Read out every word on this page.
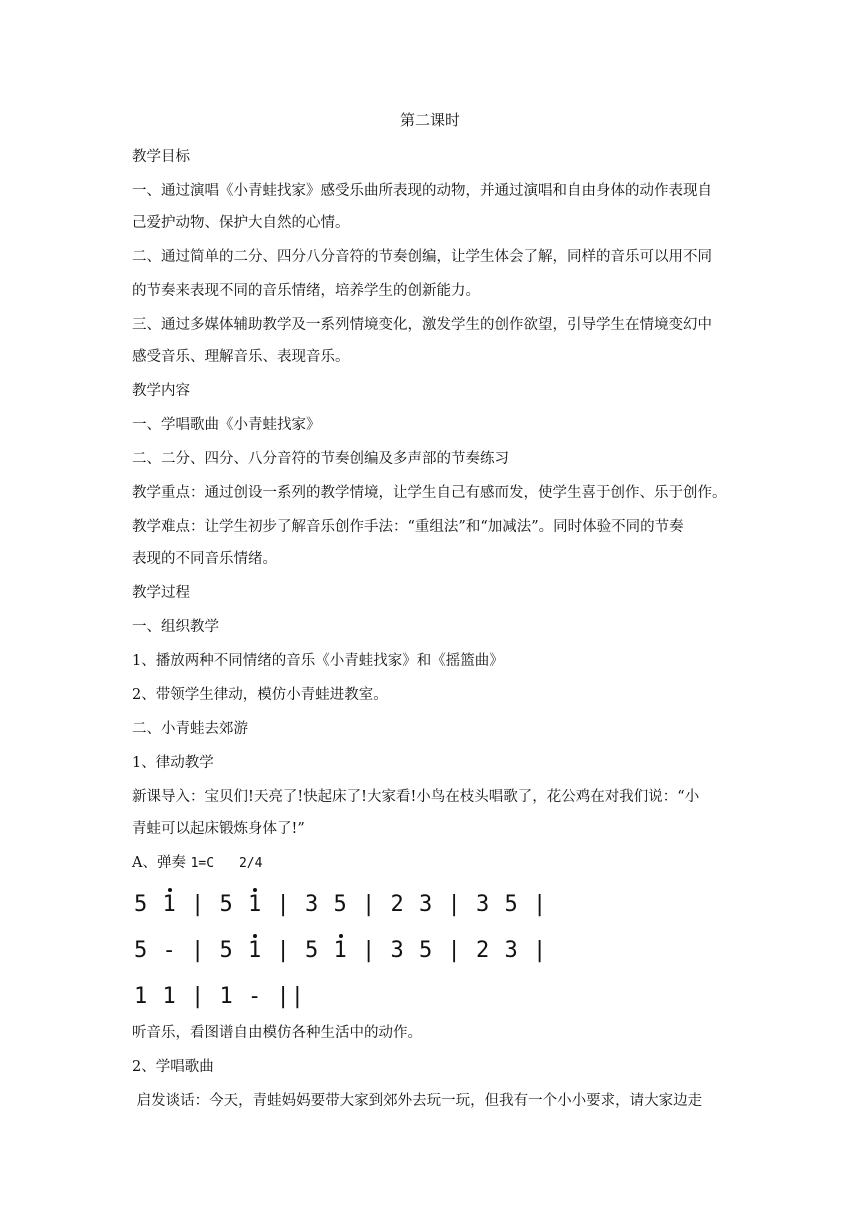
第二课时
教学目标
一、通过演唱《小青蛙找家》感受乐曲所表现的动物，并通过演唱和自由身体的动作表现自
己爱护动物、保护大自然的心情。
二、通过简单的二分、四分八分音符的节奏创编，让学生体会了解，同样的音乐可以用不同
的节奏来表现不同的音乐情绪，培养学生的创新能力。
三、通过多媒体辅助教学及一系列情境变化，激发学生的创作欲望，引导学生在情境变幻中
感受音乐、理解音乐、表现音乐。
教学内容
一、学唱歌曲《小青蛙找家》
二、二分、四分、八分音符的节奏创编及多声部的节奏练习
教学重点：通过创设一系列的教学情境，让学生自己有感而发，使学生喜于创作、乐于创作。
教学难点：让学生初步了解音乐创作手法：“重组法”和“加减法”。同时体验不同的节奏
表现的不同音乐情绪。
教学过程
一、组织教学
1、播放两种不同情绪的音乐《小青蛙找家》和《摇篮曲》
2、带领学生律动，模仿小青蛙进教室。
二、小青蛙去郊游
1、律动教学
新课导入：宝贝们!天亮了!快起床了!大家看!小鸟在枝头唱歌了，花公鸡在对我们说：“小
青蛙可以起床锻炼身体了!”
A、弹奏 1=C 2/4
5 1 | 5 1 | 3 5 | 2 3 | 3 5 |
5 - | 5 1 | 5 1 | 3 5 | 2 3 |
1 1 | 1 - ||
听音乐，看图谱自由模仿各种生活中的动作。
2、学唱歌曲
启发谈话：今天，青蛙妈妈要带大家到郊外去玩一玩，但我有一个小小要求，请大家边走
